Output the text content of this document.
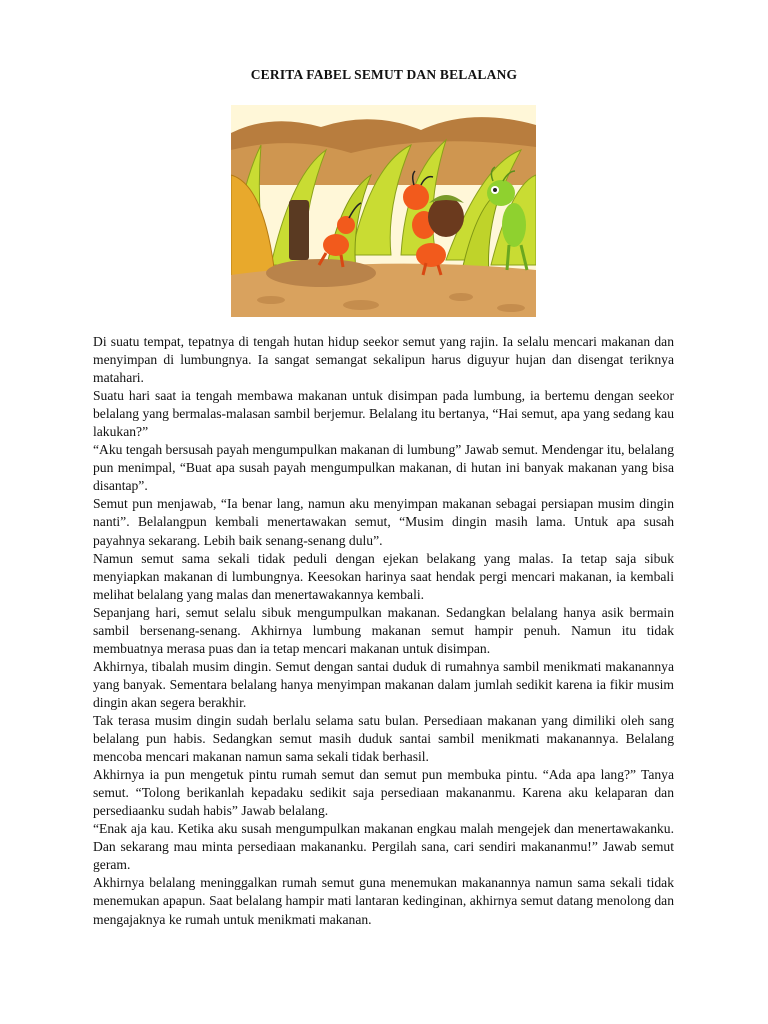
CERITA FABEL SEMUT DAN BELALANG

Di suatu tempat, tepatnya di tengah hutan hidup seekor semut yang rajin. Ia selalu mencari makanan dan menyimpan di lumbungnya. Ia sangat semangat sekalipun harus diguyur hujan dan disengat teriknya matahari.

Suatu hari saat ia tengah membawa makanan untuk disimpan pada lumbung, ia bertemu dengan seekor belalang yang bermalas-malasan sambil berjemur. Belalang itu bertanya, “Hai semut, apa yang sedang kau lakukan?”

“Aku tengah bersusah payah mengumpulkan makanan di lumbung” Jawab semut. Mendengar itu, belalang pun menimpal, “Buat apa susah payah mengumpulkan makanan, di hutan ini banyak makanan yang bisa disantap”.

Semut pun menjawab, “Ia benar lang, namun aku menyimpan makanan sebagai persiapan musim dingin nanti”. Belalangpun kembali menertawakan semut, “Musim dingin masih lama. Untuk apa susah payahnya sekarang. Lebih baik senang-senang dulu”.

Namun semut sama sekali tidak peduli dengan ejekan belakang yang malas. Ia tetap saja sibuk menyiapkan makanan di lumbungnya. Keesokan harinya saat hendak pergi mencari makanan, ia kembali melihat belalang yang malas dan menertawakannya kembali.

Sepanjang hari, semut selalu sibuk mengumpulkan makanan. Sedangkan belalang hanya asik bermain sambil bersenang-senang. Akhirnya lumbung makanan semut hampir penuh. Namun itu tidak membuatnya merasa puas dan ia tetap mencari makanan untuk disimpan.

Akhirnya, tibalah musim dingin. Semut dengan santai duduk di rumahnya sambil menikmati makanannya yang banyak. Sementara belalang hanya menyimpan makanan dalam jumlah sedikit karena ia fikir musim dingin akan segera berakhir.

Tak terasa musim dingin sudah berlalu selama satu bulan. Persediaan makanan yang dimiliki oleh sang belalang pun habis. Sedangkan semut masih duduk santai sambil menikmati makanannya. Belalang mencoba mencari makanan namun sama sekali tidak berhasil.

Akhirnya ia pun mengetuk pintu rumah semut dan semut pun membuka pintu. “Ada apa lang?” Tanya semut. “Tolong berikanlah kepadaku sedikit saja persediaan makananmu. Karena aku kelaparan dan persediaanku sudah habis” Jawab belalang.

“Enak aja kau. Ketika aku susah mengumpulkan makanan engkau malah mengejek dan menertawakanku. Dan sekarang mau minta persediaan makananku. Pergilah sana, cari sendiri makananmu!” Jawab semut geram.

Akhirnya belalang meninggalkan rumah semut guna menemukan makanannya namun sama sekali tidak menemukan apapun. Saat belalang hampir mati lantaran kedinginan, akhirnya semut datang menolong dan mengajaknya ke rumah untuk menikmati makanan.
